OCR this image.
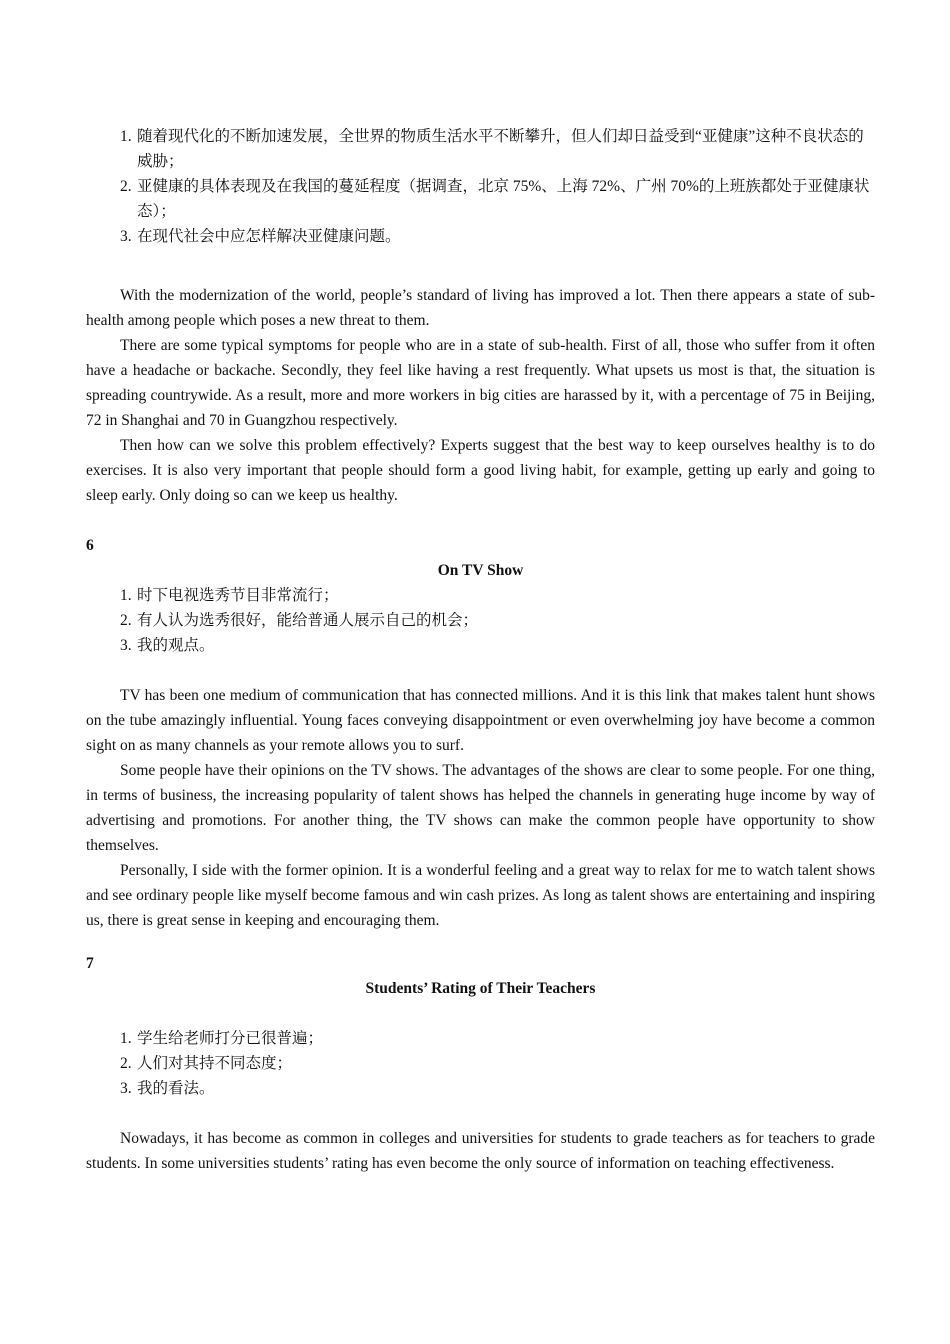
1. 随着现代化的不断加速发展，全世界的物质生活水平不断攀升，但人们却日益受到“亚健康”这种不良状态的威胁；
2. 亚健康的具体表现及在我国的蔓延程度（据调查，北京 75%、上海 72%、广州 70%的上班族都处于亚健康状态）；
3. 在现代社会中应怎样解决亚健康问题。

With the modernization of the world, people’s standard of living has improved a lot. Then there appears a state of sub-health among people which poses a new threat to them.

There are some typical symptoms for people who are in a state of sub-health. First of all, those who suffer from it often have a headache or backache. Secondly, they feel like having a rest frequently. What upsets us most is that, the situation is spreading countrywide. As a result, more and more workers in big cities are harassed by it, with a percentage of 75 in Beijing, 72 in Shanghai and 70 in Guangzhou respectively.

Then how can we solve this problem effectively? Experts suggest that the best way to keep ourselves healthy is to do exercises. It is also very important that people should form a good living habit, for example, getting up early and going to sleep early. Only doing so can we keep us healthy.

6

On TV Show

1. 时下电视选秀节目非常流行；
2. 有人认为选秀很好，能给普通人展示自己的机会；
3. 我的观点。

TV has been one medium of communication that has connected millions. And it is this link that makes talent hunt shows on the tube amazingly influential. Young faces conveying disappointment or even overwhelming joy have become a common sight on as many channels as your remote allows you to surf.

Some people have their opinions on the TV shows. The advantages of the shows are clear to some people. For one thing, in terms of business, the increasing popularity of talent shows has helped the channels in generating huge income by way of advertising and promotions. For another thing, the TV shows can make the common people have opportunity to show themselves.

Personally, I side with the former opinion. It is a wonderful feeling and a great way to relax for me to watch talent shows and see ordinary people like myself become famous and win cash prizes. As long as talent shows are entertaining and inspiring us, there is great sense in keeping and encouraging them.

7

Students’ Rating of Their Teachers

1. 学生给老师打分已很普遍；
2. 人们对其持不同态度；
3. 我的看法。

Nowadays, it has become as common in colleges and universities for students to grade teachers as for teachers to grade students. In some universities students’ rating has even become the only source of information on teaching effectiveness.
